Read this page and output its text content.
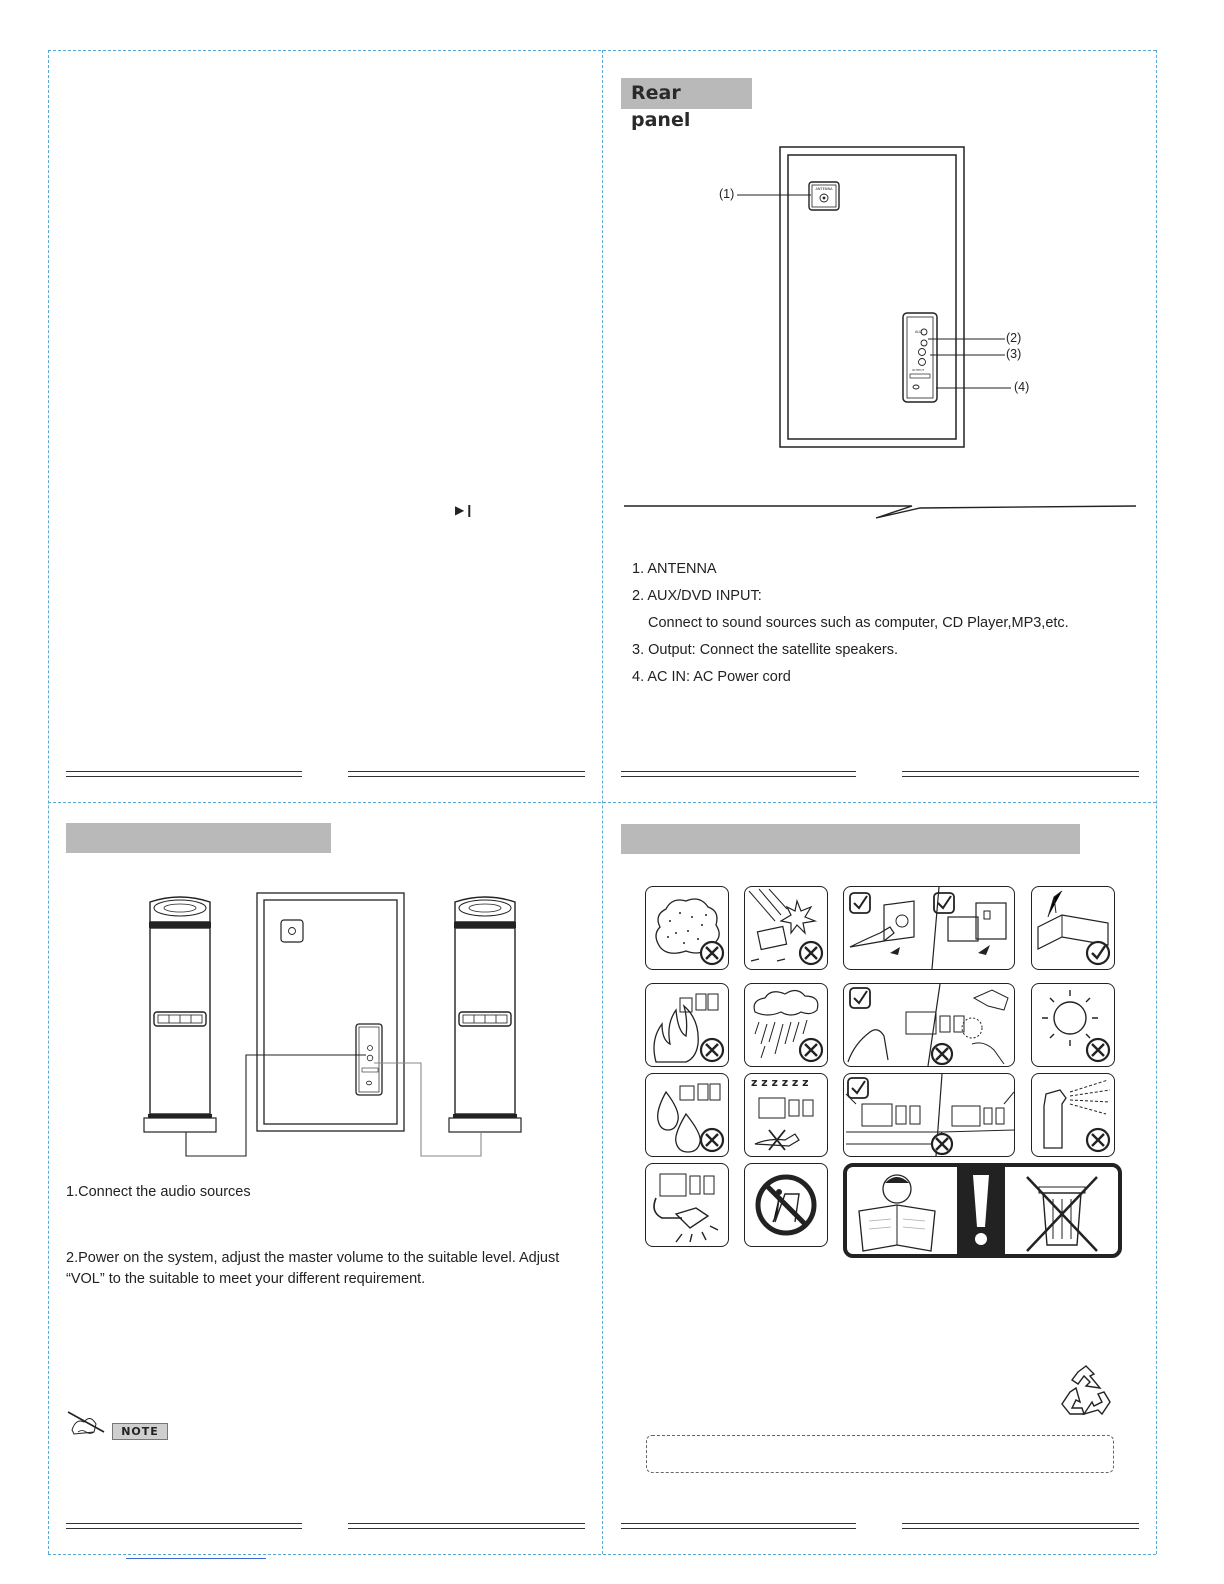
▶❙
Rear panel
ANTENNA
AUX
OUTPUT
(1)
(2)
(3)
(4)
1. ANTENNA
2. AUX/DVD INPUT:
Connect to sound sources such as computer, CD Player,MP3,etc.
3. Output: Connect the satellite speakers.
4. AC IN: AC Power cord
1.Connect the audio sources
2.Power on the system, adjust the master volume to the suitable level. Adjust
“VOL” to the suitable to meet your different requirement.
NOTE
z z z z z z
